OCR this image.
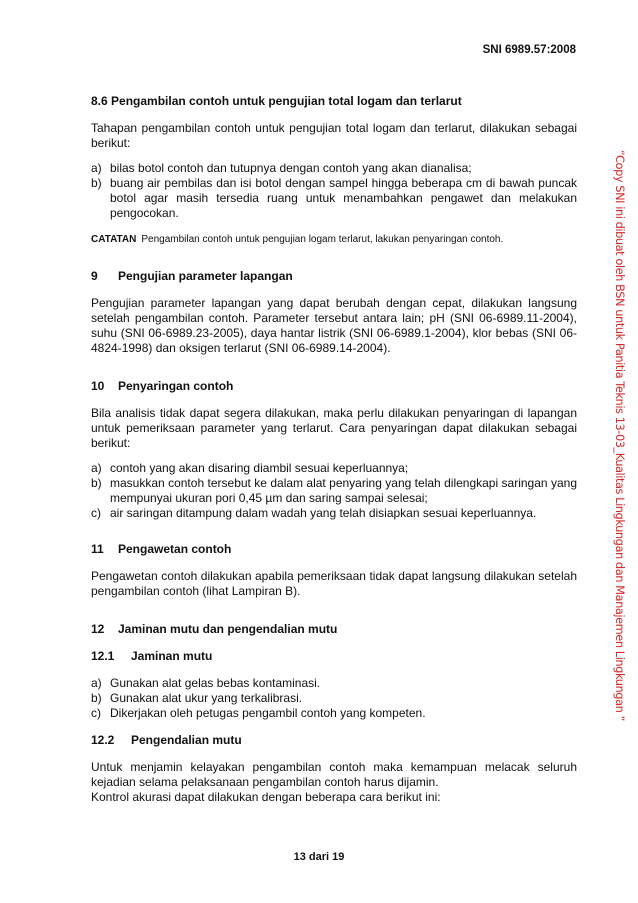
SNI 6989.57:2008
8.6 Pengambilan contoh untuk pengujian total logam dan terlarut

Tahapan pengambilan contoh untuk pengujian total logam dan terlarut, dilakukan sebagai berikut:

a) bilas botol contoh dan tutupnya dengan contoh yang akan dianalisa;
b) buang air pembilas dan isi botol dengan sampel hingga beberapa cm di bawah puncak botol agar masih tersedia ruang untuk menambahkan pengawet dan melakukan pengocokan.
CATATAN Pengambilan contoh untuk pengujian logam terlarut, lakukan penyaringan contoh.
9 Pengujian parameter lapangan

Pengujian parameter lapangan yang dapat berubah dengan cepat, dilakukan langsung setelah pengambilan contoh. Parameter tersebut antara lain; pH (SNI 06-6989.11-2004), suhu (SNI 06-6989.23-2005), daya hantar listrik (SNI 06-6989.1-2004), klor bebas (SNI 06-4824-1998) dan oksigen terlarut (SNI 06-6989.14-2004).

10 Penyaringan contoh

Bila analisis tidak dapat segera dilakukan, maka perlu dilakukan penyaringan di lapangan untuk pemeriksaan parameter yang terlarut. Cara penyaringan dapat dilakukan sebagai berikut:

a) contoh yang akan disaring diambil sesuai keperluannya;
b) masukkan contoh tersebut ke dalam alat penyaring yang telah dilengkapi saringan yang mempunyai ukuran pori 0,45 µm dan saring sampai selesai;
c) air saringan ditampung dalam wadah yang telah disiapkan sesuai keperluannya.
11 Pengawetan contoh

Pengawetan contoh dilakukan apabila pemeriksaan tidak dapat langsung dilakukan setelah pengambilan contoh (lihat Lampiran B).

12 Jaminan mutu dan pengendalian mutu
12.1 Jaminan mutu
a) Gunakan alat gelas bebas kontaminasi.
b) Gunakan alat ukur yang terkalibrasi.
c) Dikerjakan oleh petugas pengambil contoh yang kompeten.
12.2 Pengendalian mutu

Untuk menjamin kelayakan pengambilan contoh maka kemampuan melacak seluruh kejadian selama pelaksanaan pengambilan contoh harus dijamin.

Kontrol akurasi dapat dilakukan dengan beberapa cara berikut ini:

13 dari 19
“Copy SNI ini dibuat oleh BSN untuk Panitia Teknis 13-03_Kualitas Lingkungan dan Manajemen Lingkungan ”
